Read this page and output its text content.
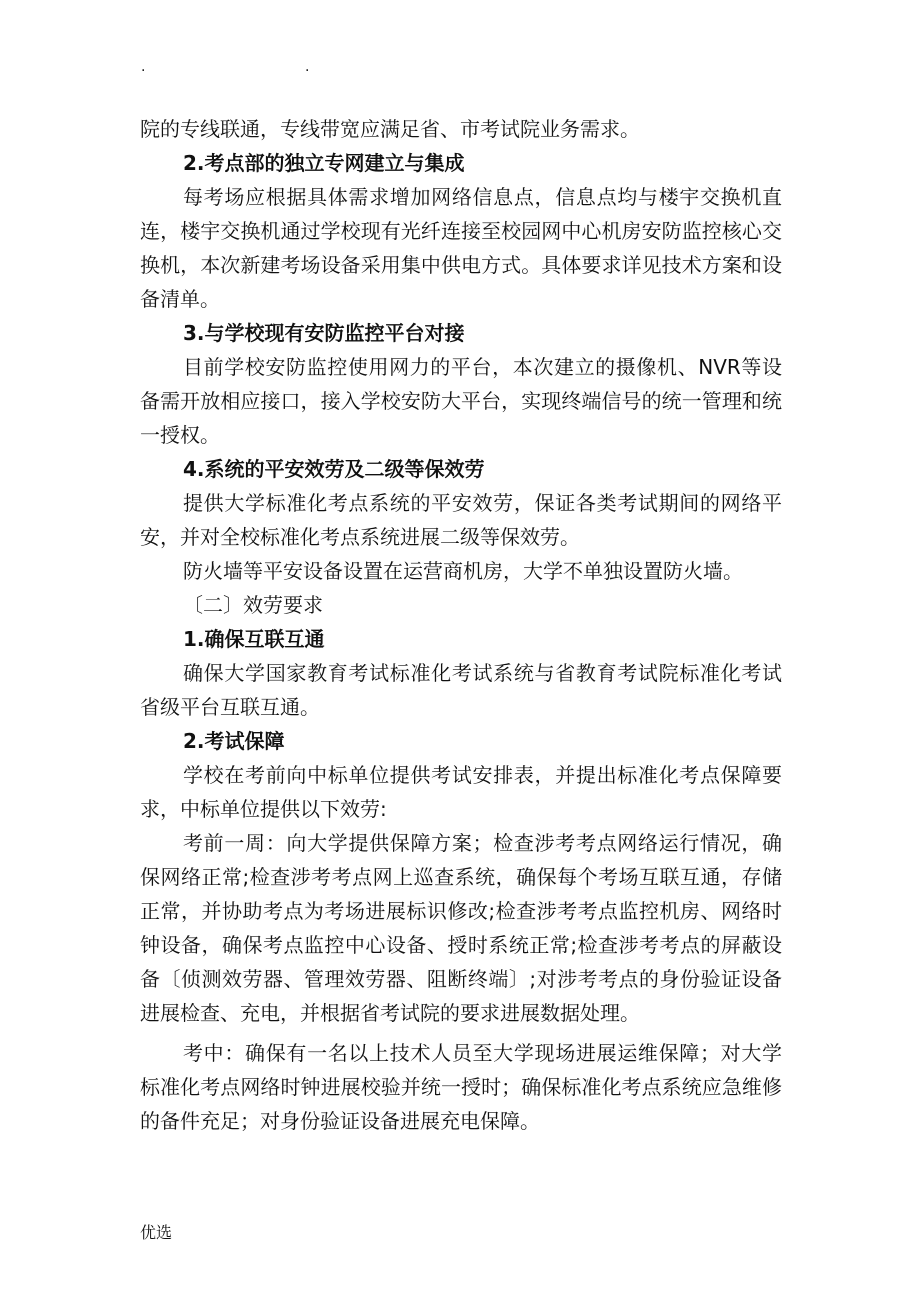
.	.

院的专线联通，专线带宽应满足省、市考试院业务需求。

2.考点部的独立专网建立与集成

每考场应根据具体需求增加网络信息点，信息点均与楼宇交换机直连，楼宇交换机通过学校现有光纤连接至校园网中心机房安防监控核心交换机，本次新建考场设备采用集中供电方式。具体要求详见技术方案和设备清单。

3.与学校现有安防监控平台对接

目前学校安防监控使用网力的平台，本次建立的摄像机、NVR等设备需开放相应接口，接入学校安防大平台，实现终端信号的统一管理和统一授权。

4.系统的平安效劳及二级等保效劳

提供大学标准化考点系统的平安效劳，保证各类考试期间的网络平安，并对全校标准化考点系统进展二级等保效劳。

防火墙等平安设备设置在运营商机房，大学不单独设置防火墙。

〔二〕效劳要求

1.确保互联互通

确保大学国家教育考试标准化考试系统与省教育考试院标准化考试省级平台互联互通。

2.考试保障

学校在考前向中标单位提供考试安排表，并提出标准化考点保障要求，中标单位提供以下效劳:

考前一周：向大学提供保障方案；检查涉考考点网络运行情况，确保网络正常;检查涉考考点网上巡查系统，确保每个考场互联互通，存储正常，并协助考点为考场进展标识修改;检查涉考考点监控机房、网络时钟设备，确保考点监控中心设备、授时系统正常;检查涉考考点的屏蔽设备〔侦测效劳器、管理效劳器、阻断终端〕;对涉考考点的身份验证设备进展检查、充电，并根据省考试院的要求进展数据处理。

考中：确保有一名以上技术人员至大学现场进展运维保障；对大学标准化考点网络时钟进展校验并统一授时；确保标准化考点系统应急维修的备件充足；对身份验证设备进展充电保障。

优选
